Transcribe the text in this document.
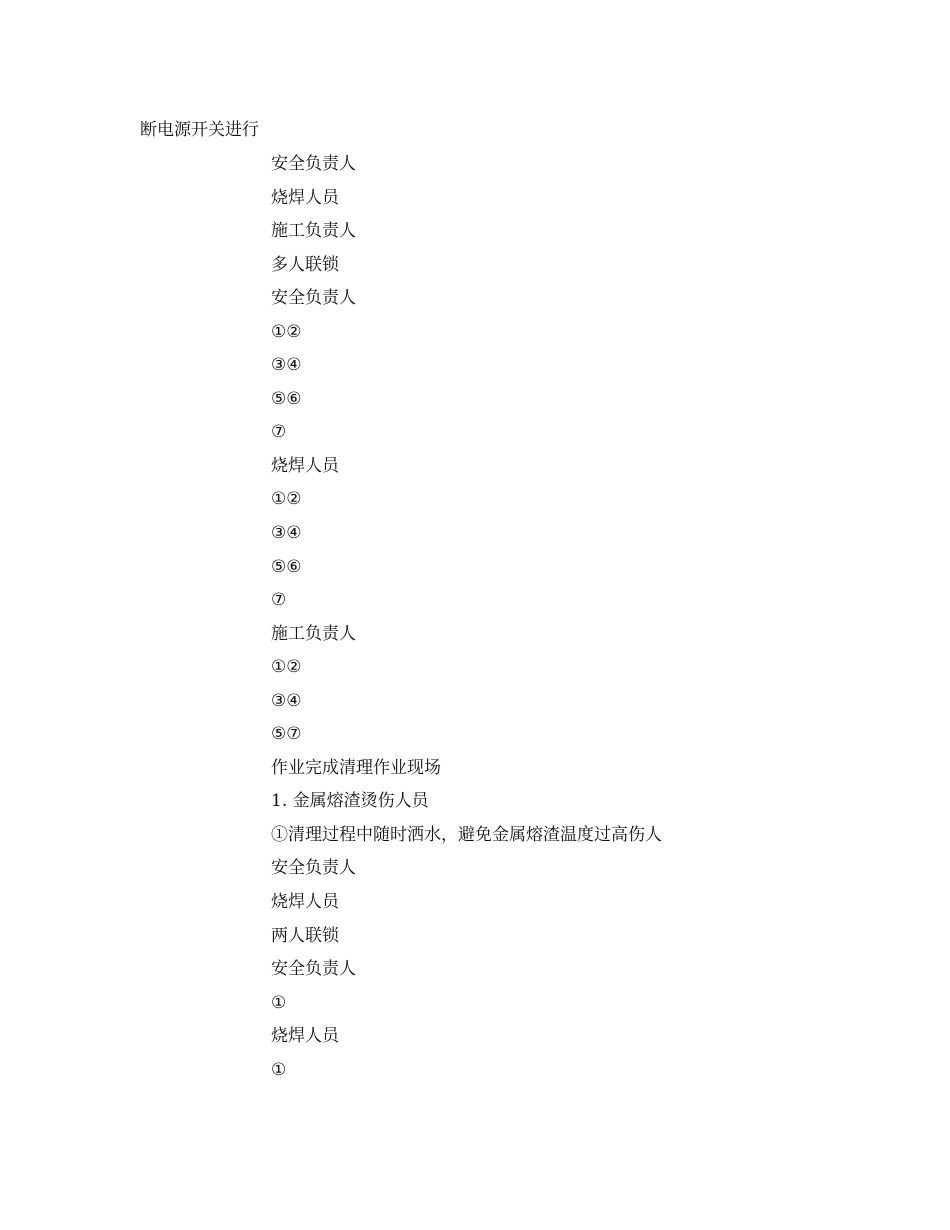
断电源开关进行
安全负责人
烧焊人员
施工负责人
多人联锁
安全负责人
①②
③④
⑤⑥
⑦
烧焊人员
①②
③④
⑤⑥
⑦
施工负责人
①②
③④
⑤⑦
作业完成清理作业现场
1. 金属熔渣烫伤人员
①清理过程中随时洒水，避免金属熔渣温度过高伤人
安全负责人
烧焊人员
两人联锁
安全负责人
①
烧焊人员
①
